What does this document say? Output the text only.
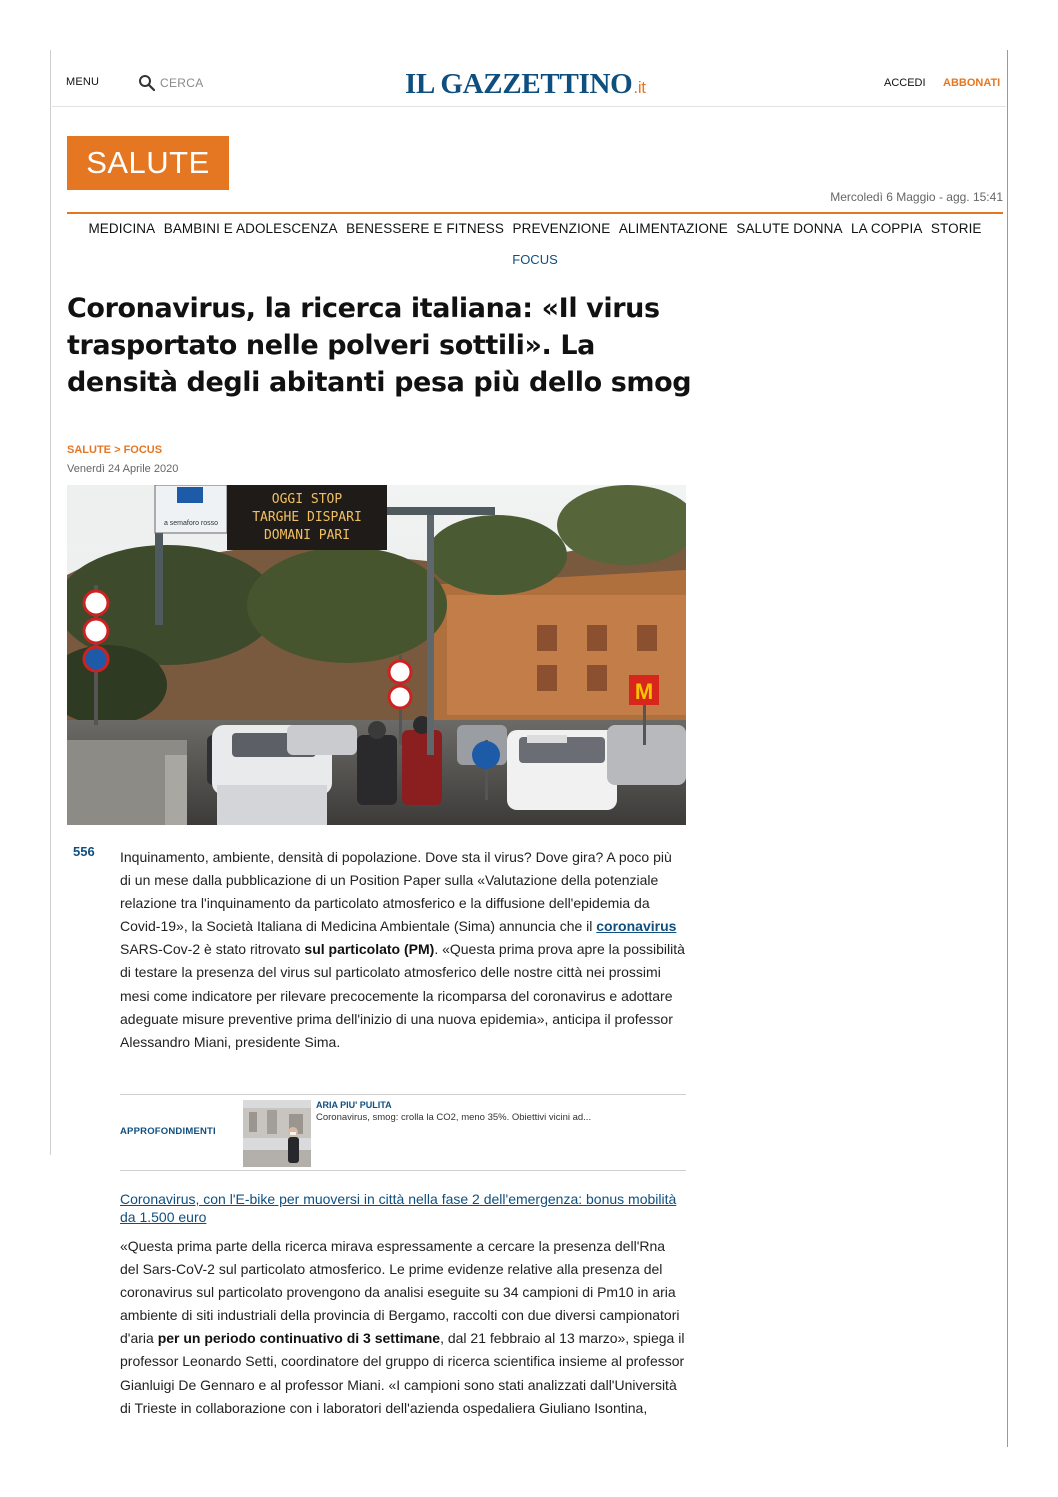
MENU	CERCA	IL GAZZETTINO.it	ACCEDI ABBONATI
SALUTE
Mercoledì 6 Maggio - agg. 15:41
MEDICINA BAMBINI E ADOLESCENZA BENESSERE E FITNESS PREVENZIONE ALIMENTAZIONE SALUTE DONNA LA COPPIA STORIE
FOCUS
Coronavirus, la ricerca italiana: «Il virus trasportato nelle polveri sottili». La densità degli abitanti pesa più dello smog
SALUTE > FOCUS
Venerdì 24 Aprile 2020
a semaforo rosso
OGGI STOP
TARGHE DISPARI
DOMANI PARI
M
556 Inquinamento, ambiente, densità di popolazione. Dove sta il virus? Dove gira? A poco più di un mese dalla pubblicazione di un Position Paper sulla «Valutazione della potenziale relazione tra l'inquinamento da particolato atmosferico e la diffusione dell'epidemia da Covid-19», la Società Italiana di Medicina Ambientale (Sima) annuncia che il coronavirus SARS-Cov-2 è stato ritrovato sul particolato (PM). «Questa prima prova apre la possibilità di testare la presenza del virus sul particolato atmosferico delle nostre città nei prossimi mesi come indicatore per rilevare precocemente la ricomparsa del coronavirus e adottare adeguate misure preventive prima dell'inizio di una nuova epidemia», anticipa il professor Alessandro Miani, presidente Sima.

APPROFONDIMENTI
ARIA PIU' PULITA
Coronavirus, smog: crolla la CO2, meno 35%. Obiettivi vicini ad...
Coronavirus, con l'E-bike per muoversi in città nella fase 2 dell'emergenza: bonus mobilità da 1.500 euro

«Questa prima parte della ricerca mirava espressamente a cercare la presenza dell'Rna del Sars-CoV-2 sul particolato atmosferico. Le prime evidenze relative alla presenza del coronavirus sul particolato provengono da analisi eseguite su 34 campioni di Pm10 in aria ambiente di siti industriali della provincia di Bergamo, raccolti con due diversi campionatori d'aria per un periodo continuativo di 3 settimane, dal 21 febbraio al 13 marzo», spiega il professor Leonardo Setti, coordinatore del gruppo di ricerca scientifica insieme al professor Gianluigi De Gennaro e al professor Miani. «I campioni sono stati analizzati dall'Università di Trieste in collaborazione con i laboratori dell'azienda ospedaliera Giuliano Isontina,
